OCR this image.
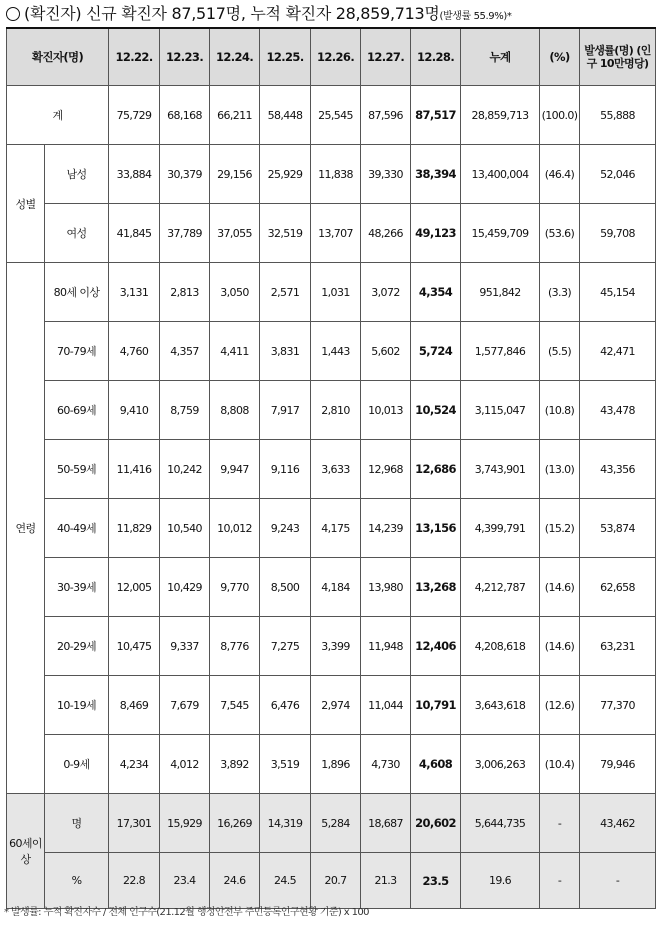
(확진자) 신규 확진자 87,517명, 누적 확진자 28,859,713명(발생률 55.9%)*
확진자(명)		12.22.	12.23.	12.24.	12.25.	12.26.	12.27.	12.28.	누계	(%)	발생률(명) (인구 10만명당)
계		75,729	68,168	66,211	58,448	25,545	87,596	87,517	28,859,713	(100.0)	55,888
성별	남성	33,884	30,379	29,156	25,929	11,838	39,330	38,394	13,400,004	(46.4)	52,046
	여성	41,845	37,789	37,055	32,519	13,707	48,266	49,123	15,459,709	(53.6)	59,708
연령	80세 이상	3,131	2,813	3,050	2,571	1,031	3,072	4,354	951,842	(3.3)	45,154
	70-79세	4,760	4,357	4,411	3,831	1,443	5,602	5,724	1,577,846	(5.5)	42,471
	60-69세	9,410	8,759	8,808	7,917	2,810	10,013	10,524	3,115,047	(10.8)	43,478
	50-59세	11,416	10,242	9,947	9,116	3,633	12,968	12,686	3,743,901	(13.0)	43,356
	40-49세	11,829	10,540	10,012	9,243	4,175	14,239	13,156	4,399,791	(15.2)	53,874
	30-39세	12,005	10,429	9,770	8,500	4,184	13,980	13,268	4,212,787	(14.6)	62,658
	20-29세	10,475	9,337	8,776	7,275	3,399	11,948	12,406	4,208,618	(14.6)	63,231
	10-19세	8,469	7,679	7,545	6,476	2,974	11,044	10,791	3,643,618	(12.6)	77,370
	0-9세	4,234	4,012	3,892	3,519	1,896	4,730	4,608	3,006,263	(10.4)	79,946
60세이상	명	17,301	15,929	16,269	14,319	5,284	18,687	20,602	5,644,735	-	43,462
	%	22.8	23.4	24.6	24.5	20.7	21.3	23.5	19.6	-	-
* 발생률: 누적 확진자수 / 전체 인구수(21.12월 행정안전부 주민등록인구현황 기준) x 100
